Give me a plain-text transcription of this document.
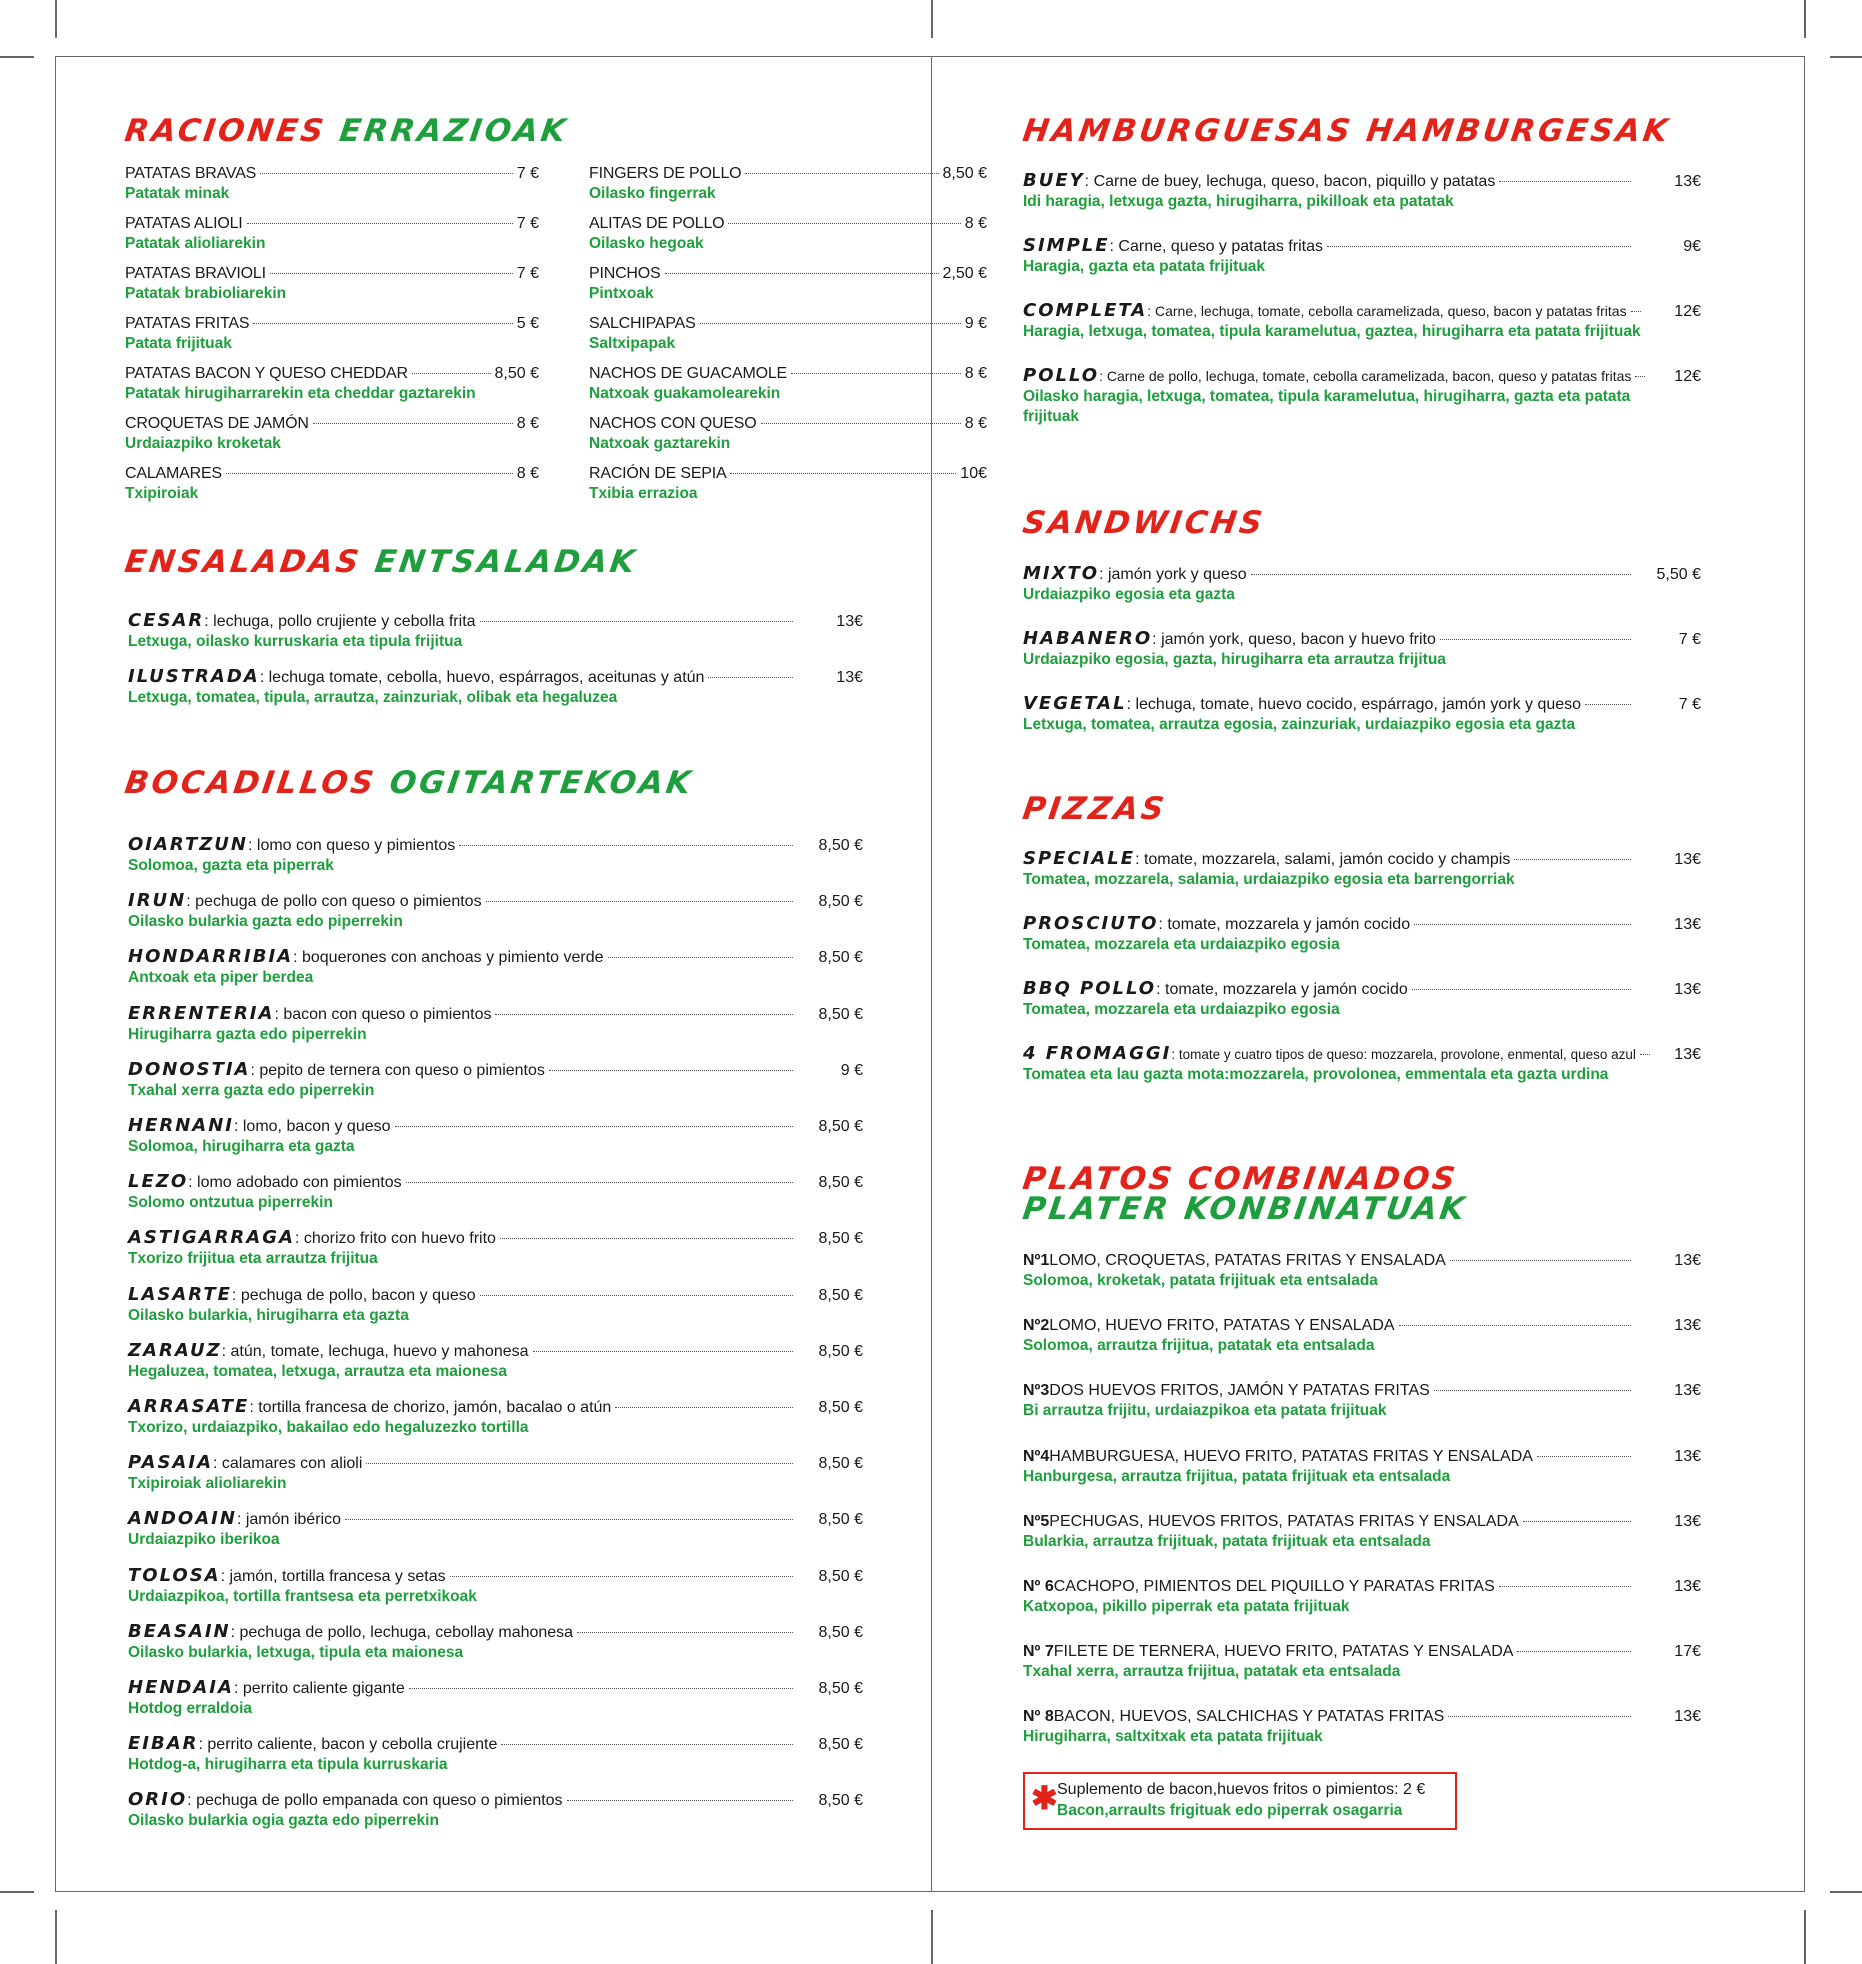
RACIONES ERRAZIOAK
PATATAS BRAVAS	7 €
Patatak minak
PATATAS ALIOLI	7 €
Patatak alioliarekin
PATATAS BRAVIOLI	7 €
Patatak brabioliarekin
PATATAS FRITAS	5 €
Patata frijituak
PATATAS BACON Y QUESO CHEDDAR	8,50 €
Patatak hirugiharrarekin eta cheddar gaztarekin
CROQUETAS DE JAMÓN	8 €
Urdaiazpiko kroketak
CALAMARES	8 €
Txipiroiak
FINGERS DE POLLO	8,50 €
Oilasko fingerrak
ALITAS DE POLLO	8 €
Oilasko hegoak
PINCHOS	2,50 €
Pintxoak
SALCHIPAPAS	9 €
Saltxipapak
NACHOS DE GUACAMOLE	8 €
Natxoak guakamolearekin
NACHOS CON QUESO	8 €
Natxoak gaztarekin
RACIÓN DE SEPIA	10€
Txibia errazioa
ENSALADAS ENTSALADAK
CESAR : lechuga, pollo crujiente y cebolla frita	13€
Letxuga, oilasko kurruskaria eta tipula frijitua
ILUSTRADA : lechuga tomate, cebolla, huevo, espárragos, aceitunas y atún	13€
Letxuga, tomatea, tipula, arrautza, zainzuriak, olibak eta hegaluzea
BOCADILLOS OGITARTEKOAK
OIARTZUN : lomo con queso y pimientos	8,50 €
Solomoa, gazta eta piperrak
IRUN : pechuga de pollo con queso o pimientos	8,50 €
Oilasko bularkia gazta edo piperrekin
HONDARRIBIA : boquerones con anchoas y pimiento verde	8,50 €
Antxoak eta piper berdea
ERRENTERIA : bacon con queso o pimientos	8,50 €
Hirugiharra gazta edo piperrekin
DONOSTIA : pepito de ternera con queso o pimientos	9 €
Txahal xerra gazta edo piperrekin
HERNANI : lomo, bacon y queso	8,50 €
Solomoa, hirugiharra eta gazta
LEZO : lomo adobado con pimientos	8,50 €
Solomo ontzutua piperrekin
ASTIGARRAGA : chorizo frito con huevo frito	8,50 €
Txorizo frijitua eta arrautza frijitua
LASARTE : pechuga de pollo, bacon y queso	8,50 €
Oilasko bularkia, hirugiharra eta gazta
ZARAUZ : atún, tomate, lechuga, huevo y mahonesa	8,50 €
Hegaluzea, tomatea, letxuga, arrautza eta maionesa
ARRASATE : tortilla francesa de chorizo, jamón, bacalao o atún	8,50 €
Txorizo, urdaiazpiko, bakailao edo hegaluzezko tortilla
PASAIA : calamares con alioli	8,50 €
Txipiroiak alioliarekin
ANDOAIN : jamón ibérico	8,50 €
Urdaiazpiko iberikoa
TOLOSA : jamón, tortilla francesa y setas	8,50 €
Urdaiazpikoa, tortilla frantsesa eta perretxikoak
BEASAIN : pechuga de pollo, lechuga, cebollay mahonesa	8,50 €
Oilasko bularkia, letxuga, tipula eta maionesa
HENDAIA : perrito caliente gigante	8,50 €
Hotdog erraldoia
EIBAR : perrito caliente, bacon y cebolla crujiente	8,50 €
Hotdog-a, hirugiharra eta tipula kurruskaria
ORIO : pechuga de pollo empanada con queso o pimientos	8,50 €
Oilasko bularkia ogia gazta edo piperrekin
HAMBURGUESAS HAMBURGESAK
BUEY : Carne de buey, lechuga, queso, bacon, piquillo y patatas	13€
Idi haragia, letxuga gazta, hirugiharra, pikilloak eta patatak
SIMPLE : Carne, queso y patatas fritas	9€
Haragia, gazta eta patata frijituak
COMPLETA : Carne, lechuga, tomate, cebolla caramelizada, queso, bacon y patatas fritas	12€
Haragia, letxuga, tomatea, tipula karamelutua, gaztea, hirugiharra eta patata frijituak
POLLO : Carne de pollo, lechuga, tomate, cebolla caramelizada, bacon, queso y patatas fritas	12€
Oilasko haragia, letxuga, tomatea, tipula karamelutua, hirugiharra, gazta eta patata
frijituak
SANDWICHS
MIXTO : jamón york y queso	5,50 €
Urdaiazpiko egosia eta gazta
HABANERO : jamón york, queso, bacon y huevo frito	7 €
Urdaiazpiko egosia, gazta, hirugiharra eta arrautza frijitua
VEGETAL : lechuga, tomate, huevo cocido, espárrago, jamón york y queso	7 €
Letxuga, tomatea, arrautza egosia, zainzuriak, urdaiazpiko egosia eta gazta
PIZZAS
SPECIALE : tomate, mozzarela, salami, jamón cocido y champis	13€
Tomatea, mozzarela, salamia, urdaiazpiko egosia eta barrengorriak
PROSCIUTO : tomate, mozzarela y jamón cocido	13€
Tomatea, mozzarela eta urdaiazpiko egosia
BBQ POLLO : tomate, mozzarela y jamón cocido	13€
Tomatea, mozzarela eta urdaiazpiko egosia
4 FROMAGGI : tomate y cuatro tipos de queso: mozzarela, provolone, enmental, queso azul	13€
Tomatea eta lau gazta mota:mozzarela, provolonea, emmentala eta gazta urdina
PLATOS COMBINADOS
PLATER KONBINATUAK
Nº1 LOMO, CROQUETAS, PATATAS FRITAS Y ENSALADA	13€
Solomoa, kroketak, patata frijituak eta entsalada
Nº2 LOMO, HUEVO FRITO, PATATAS Y ENSALADA	13€
Solomoa, arrautza frijitua, patatak eta entsalada
Nº3 DOS HUEVOS FRITOS, JAMÓN Y PATATAS FRITAS	13€
Bi arrautza frijitu, urdaiazpikoa eta patata frijituak
Nº4 HAMBURGUESA, HUEVO FRITO, PATATAS FRITAS Y ENSALADA	13€
Hanburgesa, arrautza frijitua, patata frijituak eta entsalada
Nº5 PECHUGAS, HUEVOS FRITOS, PATATAS FRITAS Y ENSALADA	13€
Bularkia, arrautza frijituak, patata frijituak eta entsalada
Nº 6 CACHOPO, PIMIENTOS DEL PIQUILLO Y PARATAS FRITAS	13€
Katxopoa, pikillo piperrak eta patata frijituak
Nº 7 FILETE DE TERNERA, HUEVO FRITO, PATATAS Y ENSALADA	17€
Txahal xerra, arrautza frijitua, patatak eta entsalada
Nº 8 BACON, HUEVOS, SALCHICHAS Y PATATAS FRITAS	13€
Hirugiharra, saltxitxak eta patata frijituak
✱ Suplemento de bacon,huevos fritos o pimientos: 2 €
Bacon,arraults frigituak edo piperrak osagarria
